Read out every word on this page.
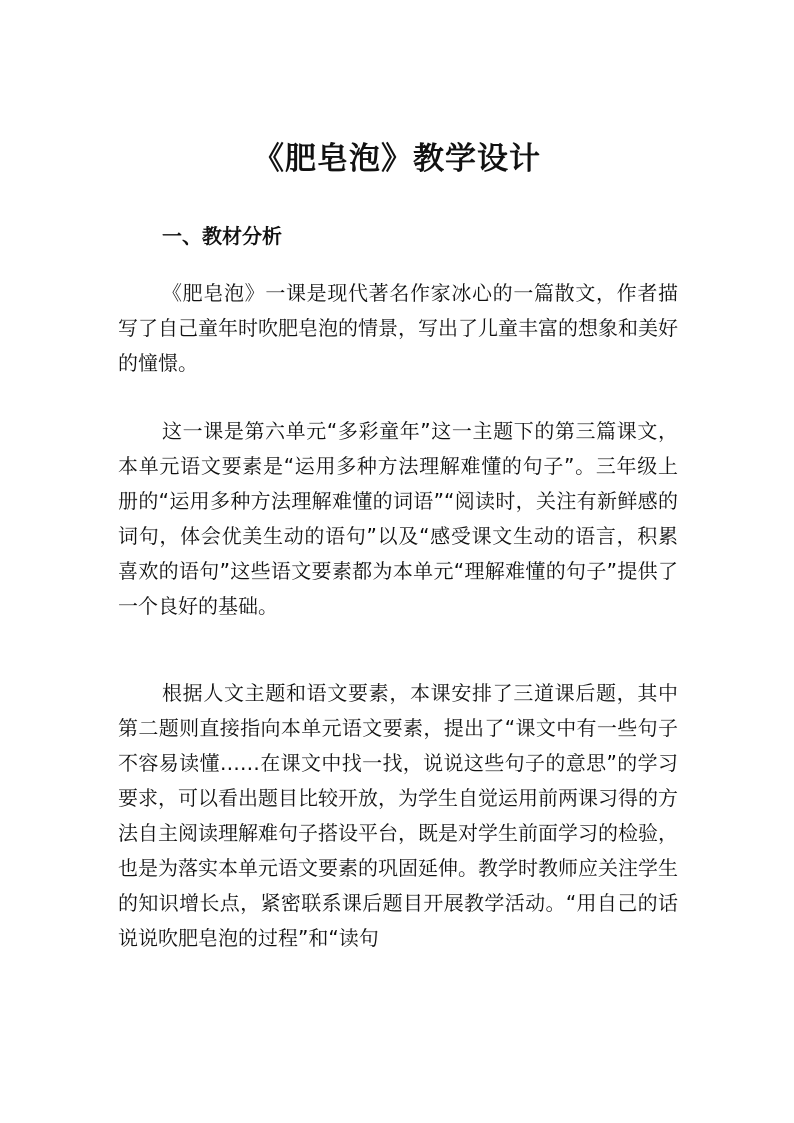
《肥皂泡》教学设计
一、教材分析

《肥皂泡》一课是现代著名作家冰心的一篇散文，作者描写了自己童年时吹肥皂泡的情景，写出了儿童丰富的想象和美好的憧憬。

这一课是第六单元“多彩童年”这一主题下的第三篇课文，本单元语文要素是“运用多种方法理解难懂的句子”。三年级上册的“运用多种方法理解难懂的词语”“阅读时，关注有新鲜感的词句，体会优美生动的语句”以及“感受课文生动的语言，积累喜欢的语句”这些语文要素都为本单元“理解难懂的句子”提供了一个良好的基础。

根据人文主题和语文要素，本课安排了三道课后题，其中第二题则直接指向本单元语文要素，提出了“课文中有一些句子不容易读懂……在课文中找一找，说说这些句子的意思”的学习要求，可以看出题目比较开放，为学生自觉运用前两课习得的方法自主阅读理解难句子搭设平台，既是对学生前面学习的检验，也是为落实本单元语文要素的巩固延伸。教学时教师应关注学生的知识增长点，紧密联系课后题目开展教学活动。“用自己的话说说吹肥皂泡的过程”和“读句
